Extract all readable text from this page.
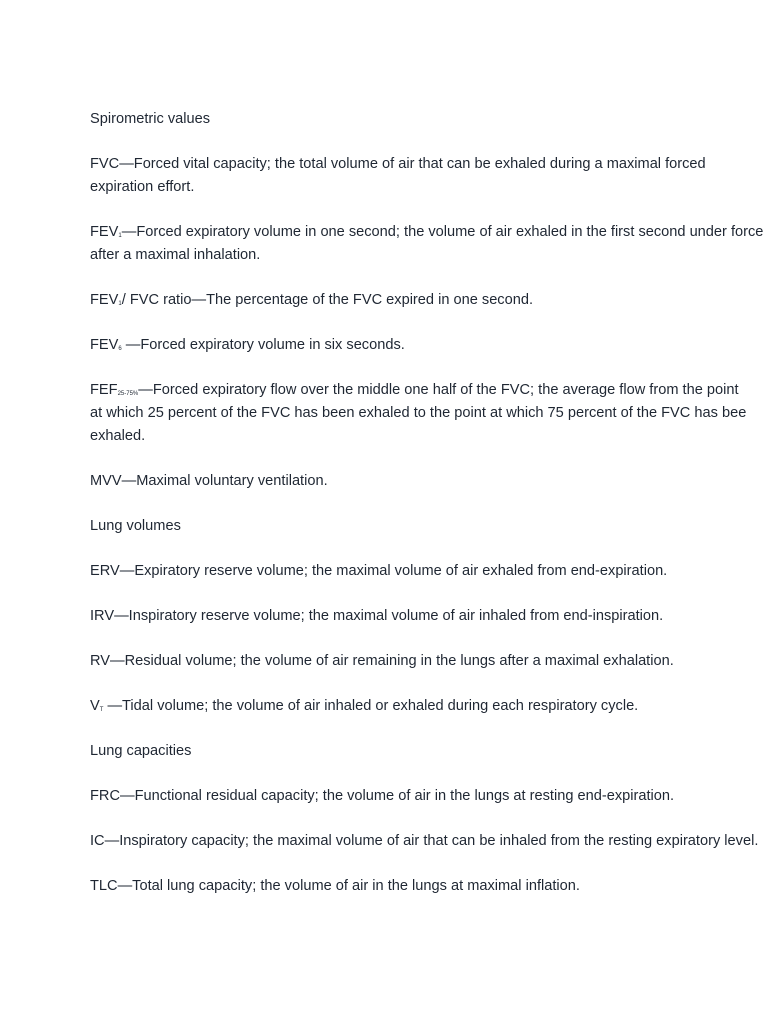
Spirometric values

FVC—Forced vital capacity; the total volume of air that can be exhaled during a maximal forced expiration effort.

$FEV_1—Forced$ expiratory volume in one second; the volume of air exhaled in the first second under force after a maximal inhalation.

$FEV_1/$ FVC ratio—The percentage of the FVC expired in one second.

$FEV_6$ —Forced expiratory volume in six seconds.

$FEF_{25-75\%}—Forced$ expiratory flow over the middle one half of the FVC; the average flow from the point
at which 25 percent of the FVC has been exhaled to the point at which 75 percent of the FVC has bee
exhaled.

MVV—Maximal voluntary ventilation.

Lung volumes

ERV—Expiratory reserve volume; the maximal volume of air exhaled from end-expiration.

IRV—Inspiratory reserve volume; the maximal volume of air inhaled from end-inspiration.

RV—Residual volume; the volume of air remaining in the lungs after a maximal exhalation.

$V_T$ —Tidal volume; the volume of air inhaled or exhaled during each respiratory cycle.

Lung capacities

FRC—Functional residual capacity; the volume of air in the lungs at resting end-expiration.

IC—Inspiratory capacity; the maximal volume of air that can be inhaled from the resting expiratory level.

TLC—Total lung capacity; the volume of air in the lungs at maximal inflation.
